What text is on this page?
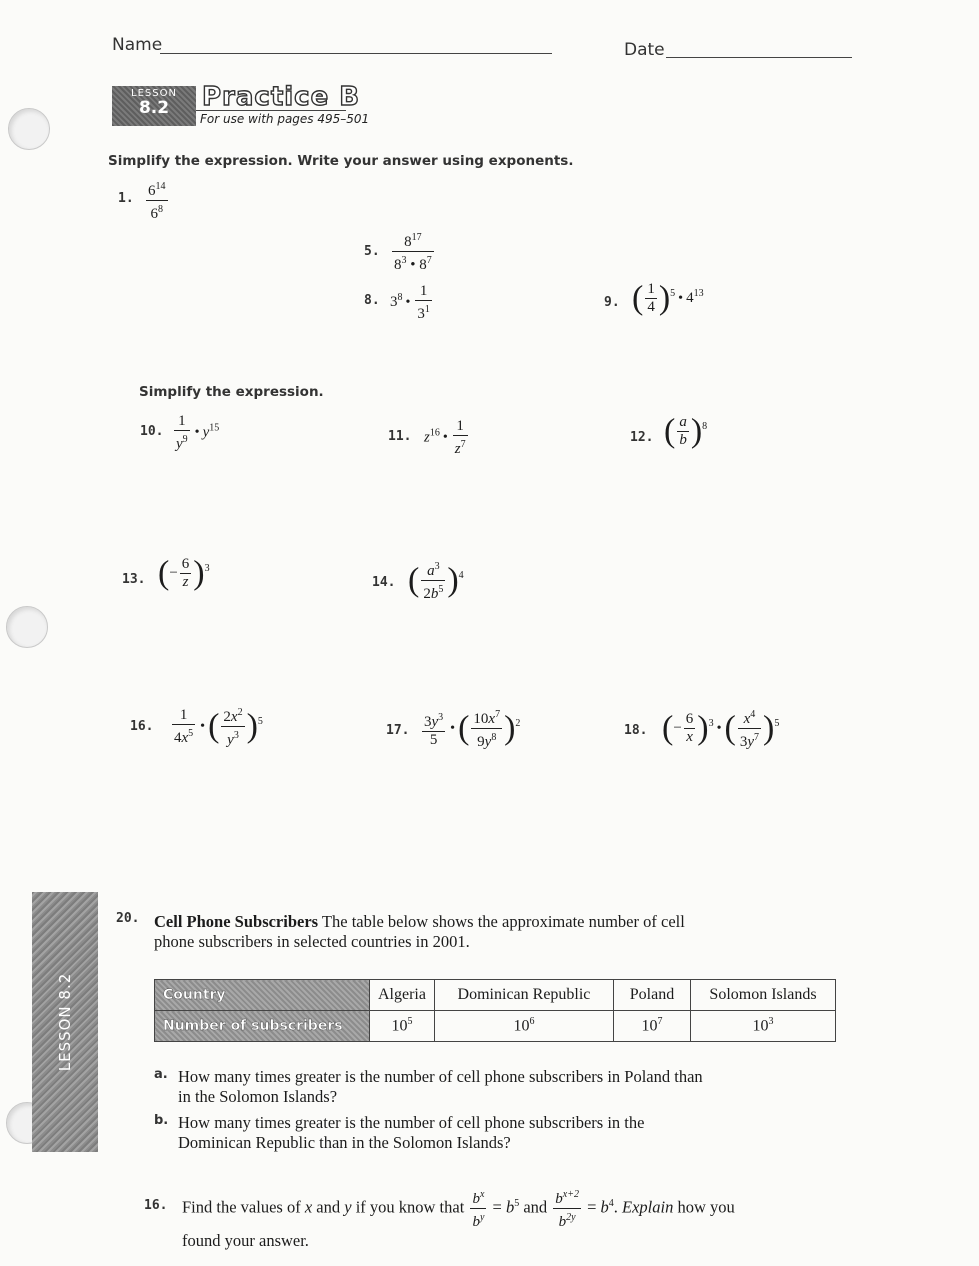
Name	Date
LESSON
8.2	Practice B
For use with pages 495–501
Simplify the expression. Write your answer using exponents.
1. $\frac{6^{14}}{6^8}$
5. $\frac{8^{17}}{8^3 • 8^7}$
8. $3^8$ • $\frac{1}{3^1}$	9. ( $\frac{1}{4} )^5$ • $4^{13}$
Simplify the expression.
10. $\frac{1}{y^9}$ • $y^{15}$
11. $z^{16}$ • $\frac{1}{z^7}$	12. ( $\frac{a}{b} )^8$
13. (− $\frac{6}{z} )^3$
14. ( $\frac{a^3}{2b^5} )^4$
16. $\frac{1}{4x^5}$ •( $\frac{2x^2}{y^3} )^5$
17. $\frac{3y^3}{5}$ •( $\frac{10x^7}{9y^8} )^2$	18. (− $\frac{6}{x} )^3$ •( $\frac{x^4}{3y^7} )^5$
LESSON 8.2
20. Cell Phone Subscribers The table below shows the approximate number of cell
phone subscribers in selected countries in 2001.
Country	Algeria	Dominican Republic	Poland	Solomon Islands
Number of subscribers	$10^5$	$10^6$	$10^7$	$10^3$
a. How many times greater is the number of cell phone subscribers in Poland than
in the Solomon Islands?
b. How many times greater is the number of cell phone subscribers in the
Dominican Republic than in the Solomon Islands?
16. Find the values of x and y if you know that $\frac{b^x}{b^y} = b^5$ and $\frac{b^{x+2}}{b^{2y}} = b^4$. Explain how you
found your answer.
